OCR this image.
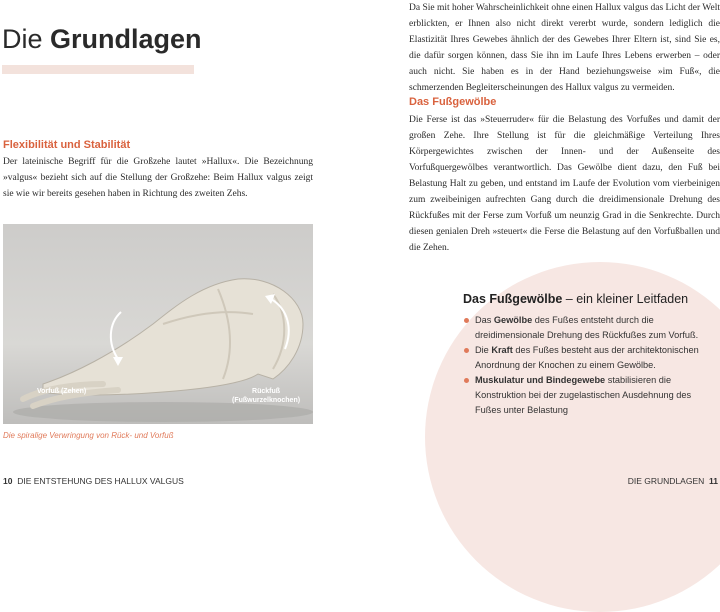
Die Grundlagen
Flexibilität und Stabilität
Der lateinische Begriff für die Großzehe lautet »Hallux«. Die Bezeichnung »valgus« bezieht sich auf die Stellung der Großzehe: Beim Hallux valgus zeigt sie wie wir bereits gesehen haben in Richtung des zweiten Zehs.
Vorfuß (Zehen)	Rückfuß
(Fußwurzelknochen)
Die spiralige Verwringung von Rück- und Vorfuß
Da Sie mit hoher Wahrscheinlichkeit ohne einen Hallux valgus das Licht der Welt erblickten, er Ihnen also nicht direkt vererbt wurde, sondern lediglich die Elastizität Ihres Gewebes ähnlich der des Gewebes Ihrer Eltern ist, sind Sie es, die dafür sorgen können, dass Sie ihn im Laufe Ihres Lebens erwerben – oder auch nicht. Sie haben es in der Hand beziehungsweise »im Fuß«, die schmerzenden Begleiterscheinungen des Hallux valgus zu vermeiden.
Das Fußgewölbe
Die Ferse ist das »Steuerruder« für die Belastung des Vorfußes und damit der großen Zehe. Ihre Stellung ist für die gleichmäßige Verteilung Ihres Körpergewichtes zwischen der Innen- und der Außenseite des Vorfußquergewölbes verantwortlich. Das Gewölbe dient dazu, den Fuß bei Belastung Halt zu geben, und entstand im Laufe der Evolution vom vierbeinigen zum zweibeinigen aufrechten Gang durch die dreidimensionale Drehung des Rückfußes mit der Ferse zum Vorfuß um neunzig Grad in die Senkrechte. Durch diesen genialen Dreh »steuert« die Ferse die Belastung auf den Vorfußballen und die Zehen.
Das Fußgewölbe – ein kleiner Leitfaden
Das Gewölbe des Fußes entsteht durch die dreidimensionale Drehung des Rückfußes zum Vorfuß.
Die Kraft des Fußes besteht aus der architektonischen Anordnung der Knochen zu einem Gewölbe.
Muskulatur und Bindegewebe stabilisieren die Konstruktion bei der zugelastischen Ausdehnung des Fußes unter Belastung
10 DIE ENTSTEHUNG DES HALLUX VALGUS	DIE GRUNDLAGEN 11
